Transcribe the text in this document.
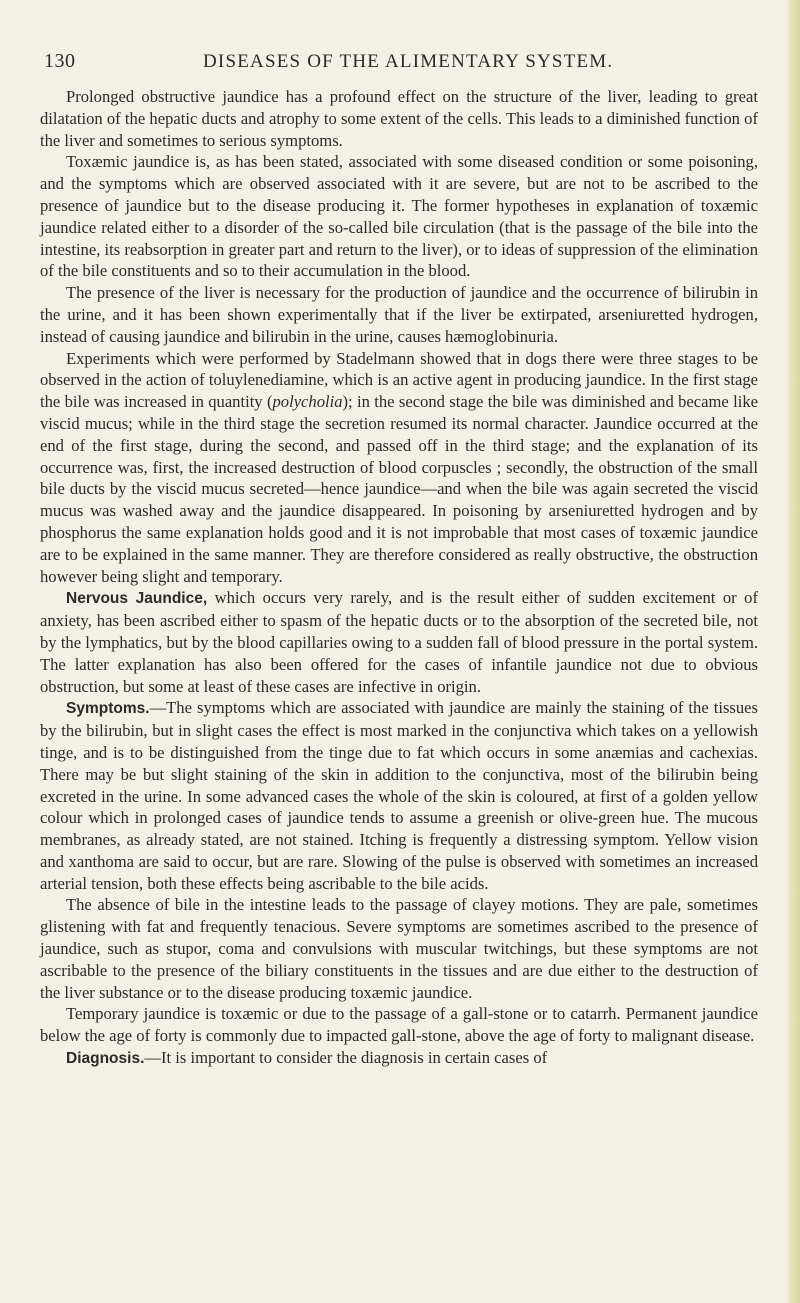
130	DISEASES OF THE ALIMENTARY SYSTEM.

Prolonged obstructive jaundice has a profound effect on the structure of the liver, leading to great dilatation of the hepatic ducts and atrophy to some extent of the cells. This leads to a diminished function of the liver and sometimes to serious symptoms.

Toxæmic jaundice is, as has been stated, associated with some diseased condition or some poisoning, and the symptoms which are observed associated with it are severe, but are not to be ascribed to the presence of jaundice but to the disease producing it. The former hypotheses in explanation of toxæmic jaundice related either to a disorder of the so-called bile circulation (that is the passage of the bile into the intestine, its reabsorption in greater part and return to the liver), or to ideas of suppression of the elimination of the bile constituents and so to their accumulation in the blood.

The presence of the liver is necessary for the production of jaundice and the occurrence of bilirubin in the urine, and it has been shown experimentally that if the liver be extirpated, arseniuretted hydrogen, instead of causing jaundice and bilirubin in the urine, causes hæmoglobinuria.

Experiments which were performed by Stadelmann showed that in dogs there were three stages to be observed in the action of toluylenediamine, which is an active agent in producing jaundice. In the first stage the bile was increased in quantity (polycholia); in the second stage the bile was diminished and became like viscid mucus; while in the third stage the secretion resumed its normal character. Jaundice occurred at the end of the first stage, during the second, and passed off in the third stage; and the explanation of its occurrence was, first, the increased destruction of blood corpuscles ; secondly, the obstruction of the small bile ducts by the viscid mucus secreted—hence jaundice—and when the bile was again secreted the viscid mucus was washed away and the jaundice disappeared. In poisoning by arseniuretted hydrogen and by phosphorus the same explanation holds good and it is not improbable that most cases of toxæmic jaundice are to be explained in the same manner. They are therefore considered as really obstructive, the obstruction however being slight and temporary.

Nervous Jaundice, which occurs very rarely, and is the result either of sudden excitement or of anxiety, has been ascribed either to spasm of the hepatic ducts or to the absorption of the secreted bile, not by the lymphatics, but by the blood capillaries owing to a sudden fall of blood pressure in the portal system. The latter explanation has also been offered for the cases of infantile jaundice not due to obvious obstruction, but some at least of these cases are infective in origin.

Symptoms.—The symptoms which are associated with jaundice are mainly the staining of the tissues by the bilirubin, but in slight cases the effect is most marked in the conjunctiva which takes on a yellowish tinge, and is to be distinguished from the tinge due to fat which occurs in some anæmias and cachexias. There may be but slight staining of the skin in addition to the conjunctiva, most of the bilirubin being excreted in the urine. In some advanced cases the whole of the skin is coloured, at first of a golden yellow colour which in prolonged cases of jaundice tends to assume a greenish or olive-green hue. The mucous membranes, as already stated, are not stained. Itching is frequently a distressing symptom. Yellow vision and xanthoma are said to occur, but are rare. Slowing of the pulse is observed with sometimes an increased arterial tension, both these effects being ascribable to the bile acids.

The absence of bile in the intestine leads to the passage of clayey motions. They are pale, sometimes glistening with fat and frequently tenacious. Severe symptoms are sometimes ascribed to the presence of jaundice, such as stupor, coma and convulsions with muscular twitchings, but these symptoms are not ascribable to the presence of the biliary constituents in the tissues and are due either to the destruction of the liver substance or to the disease producing toxæmic jaundice.

Temporary jaundice is toxæmic or due to the passage of a gall-stone or to catarrh. Permanent jaundice below the age of forty is commonly due to impacted gall-stone, above the age of forty to malignant disease.

Diagnosis.—It is important to consider the diagnosis in certain cases of
